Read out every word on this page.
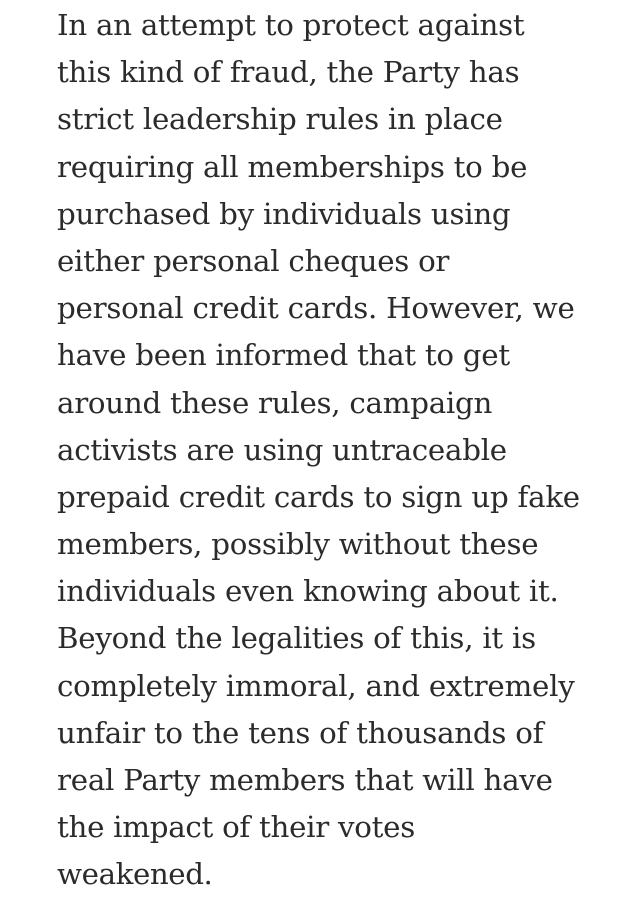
In an attempt to protect against
this kind of fraud, the Party has
strict leadership rules in place
requiring all memberships to be
purchased by individuals using
either personal cheques or
personal credit cards. However, we
have been informed that to get
around these rules, campaign
activists are using untraceable
prepaid credit cards to sign up fake
members, possibly without these
individuals even knowing about it.
Beyond the legalities of this, it is
completely immoral, and extremely
unfair to the tens of thousands of
real Party members that will have
the impact of their votes
weakened.
